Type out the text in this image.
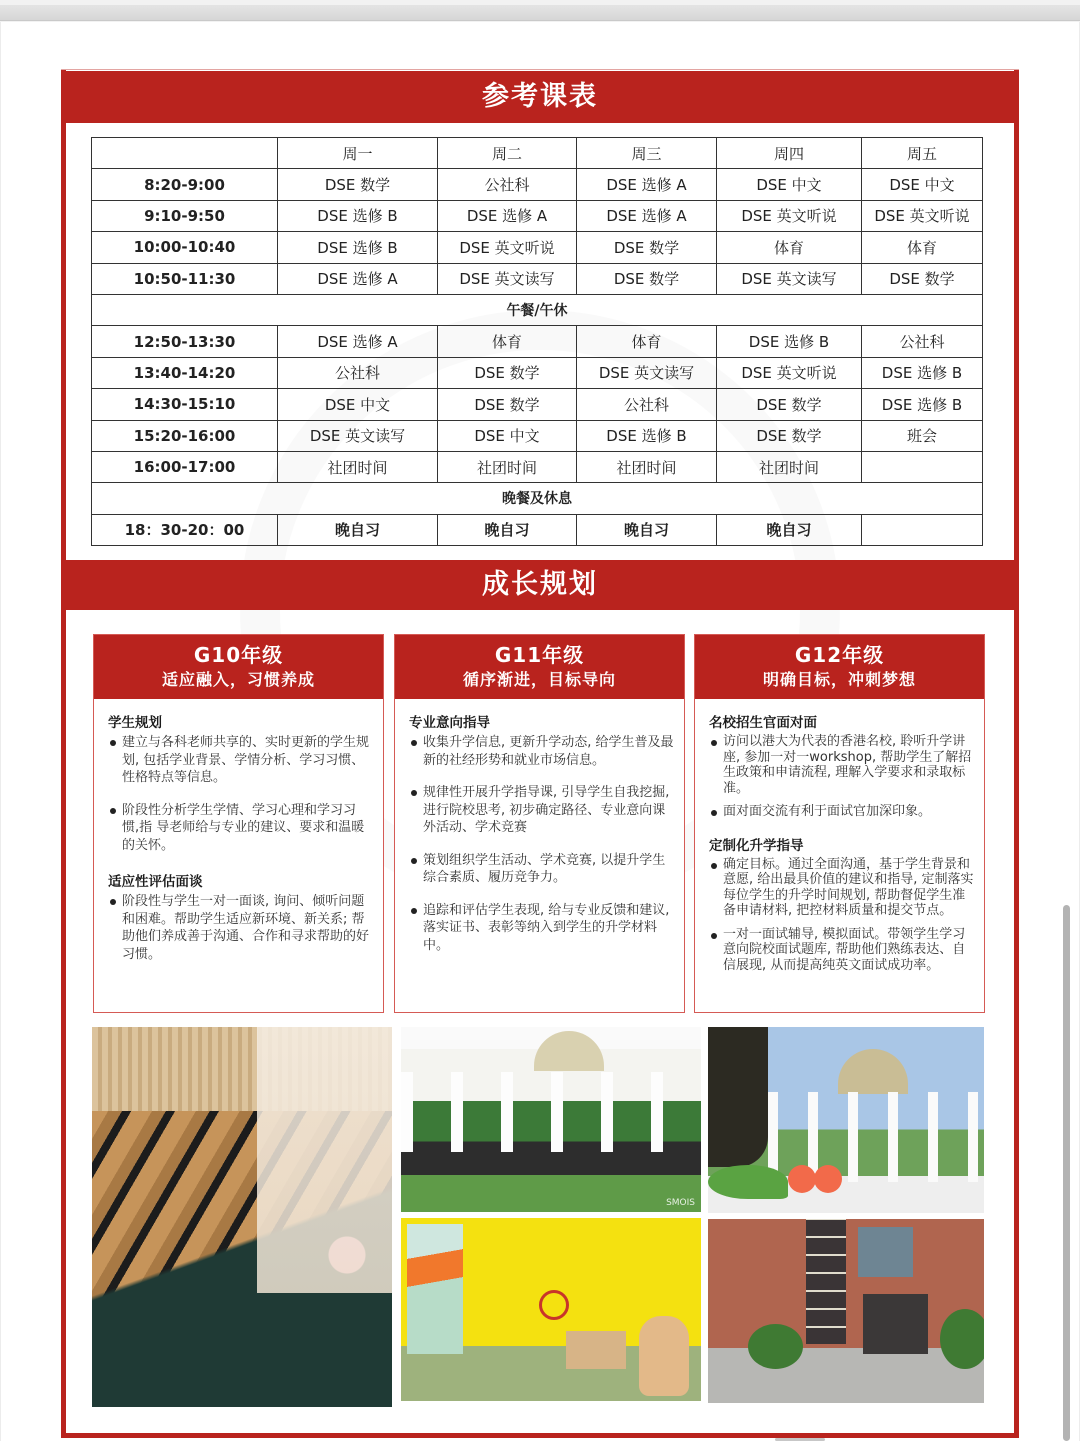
参考课表
	周一	周二	周三	周四	周五
8:20-9:00	DSE 数学	公社科	DSE 选修 A	DSE 中文	DSE 中文
9:10-9:50	DSE 选修 B	DSE 选修 A	DSE 选修 A	DSE 英文听说	DSE 英文听说
10:00-10:40	DSE 选修 B	DSE 英文听说	DSE 数学	体育	体育
10:50-11:30	DSE 选修 A	DSE 英文读写	DSE 数学	DSE 英文读写	DSE 数学
午餐/午休					
12:50-13:30	DSE 选修 A	体育	体育	DSE 选修 B	公社科
13:40-14:20	公社科	DSE 数学	DSE 英文读写	DSE 英文听说	DSE 选修 B
14:30-15:10	DSE 中文	DSE 数学	公社科	DSE 数学	DSE 选修 B
15:20-16:00	DSE 英文读写	DSE 中文	DSE 选修 B	DSE 数学	班会
16:00-17:00	社团时间	社团时间	社团时间	社团时间	
晚餐及休息					
18：30-20：00	晚自习	晚自习	晚自习	晚自习	
成长规划
G10年级
适应融入，习惯养成
学生规划
建立与各科老师共享的、实时更新的学生规划, 包括学业背景、学情分析、学习习惯、性格特点等信息。
阶段性分析学生学情、学习心理和学习习惯,指 导老师给与专业的建议、要求和温暖的关怀。
适应性评估面谈
阶段性与学生一对一面谈, 询问、倾听问题和困难。帮助学生适应新环境、新关系; 帮助他们养成善于沟通、合作和寻求帮助的好习惯。
G11年级
循序渐进，目标导向
专业意向指导
收集升学信息, 更新升学动态, 给学生普及最新的社经形势和就业市场信息。
规律性开展升学指导课, 引导学生自我挖掘, 进行院校思考, 初步确定路径、专业意向课外活动、学术竞赛
策划组织学生活动、学术竞赛, 以提升学生综合素质、履历竞争力。
追踪和评估学生表现, 给与专业反馈和建议, 落实证书、表彰等纳入到学生的升学材料中。
G12年级
明确目标，冲刺梦想
名校招生官面对面
访问以港大为代表的香港名校, 聆听升学讲座, 参加一对一workshop, 帮助学生了解招生政策和申请流程, 理解入学要求和录取标准。
面对面交流有利于面试官加深印象。
定制化升学指导
确定目标。通过全面沟通，基于学生背景和意愿, 给出最具价值的建议和指导, 定制落实每位学生的升学时间规划, 帮助督促学生准备申请材料, 把控材料质量和提交节点。
一对一面试辅导, 模拟面试。带领学生学习意向院校面试题库, 帮助他们熟练表达、自信展现, 从而提高纯英文面试成功率。
SMOIS
